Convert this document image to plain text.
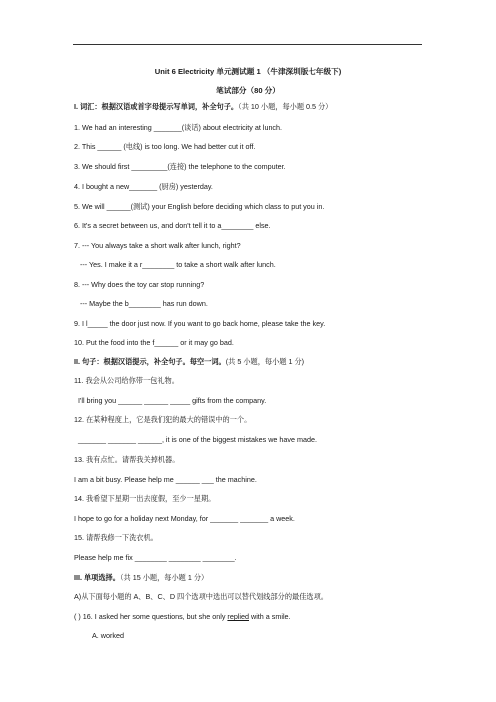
Unit 6 Electricity 单元测试题 1 （牛津深圳版七年级下)
笔试部分（80 分）
I. 词汇：根据汉语或首字母提示写单词，补全句子。（共 10 小题，每小题 0.5 分）
1. We had an interesting _______(谈话) about electricity at lunch.
2. This ______ (电线) is too long. We had better cut it off.
3. We should first _________(连接) the telephone to the computer.
4. I bought a new_______ (厨房) yesterday.
5. We will ______(测试) your English before deciding which class to put you in.
6. It's a secret between us, and don't tell it to a________ else.
7. --- You always take a short walk after lunch, right?
--- Yes. I make it a r________ to take a short walk after lunch.
8. --- Why does the toy car stop running?
--- Maybe the b________ has run down.
9. I l_____ the door just now. If you want to go back home, please take the key.
10. Put the food into the f______ or it may go bad.
II. 句子：根据汉语提示，补全句子。每空一词。(共 5 小题，每小题 1 分)
11. 我会从公司给你带一包礼物。
I'll bring you ______ ______ _____ gifts from the company.
12. 在某种程度上，它是我们犯的最大的错误中的一个。
_______ _______ ______, it is one of the biggest mistakes we have made.
13. 我有点忙。请帮我关掉机器。
I am a bit busy. Please help me ______ ___ the machine.
14. 我希望下星期一出去度假，至少一星期。
I hope to go for a holiday next Monday, for _______ _______ a week.
15. 请帮我修一下洗衣机。
Please help me fix ________ ________ ________.
III. 单项选择。（共 15 小题，每小题 1 分）
A)从下面每小题的 A、B、C、D 四个选项中选出可以替代划线部分的最佳选项。
( ) 16. I asked her some questions, but she only replied with a smile.
A. worked
